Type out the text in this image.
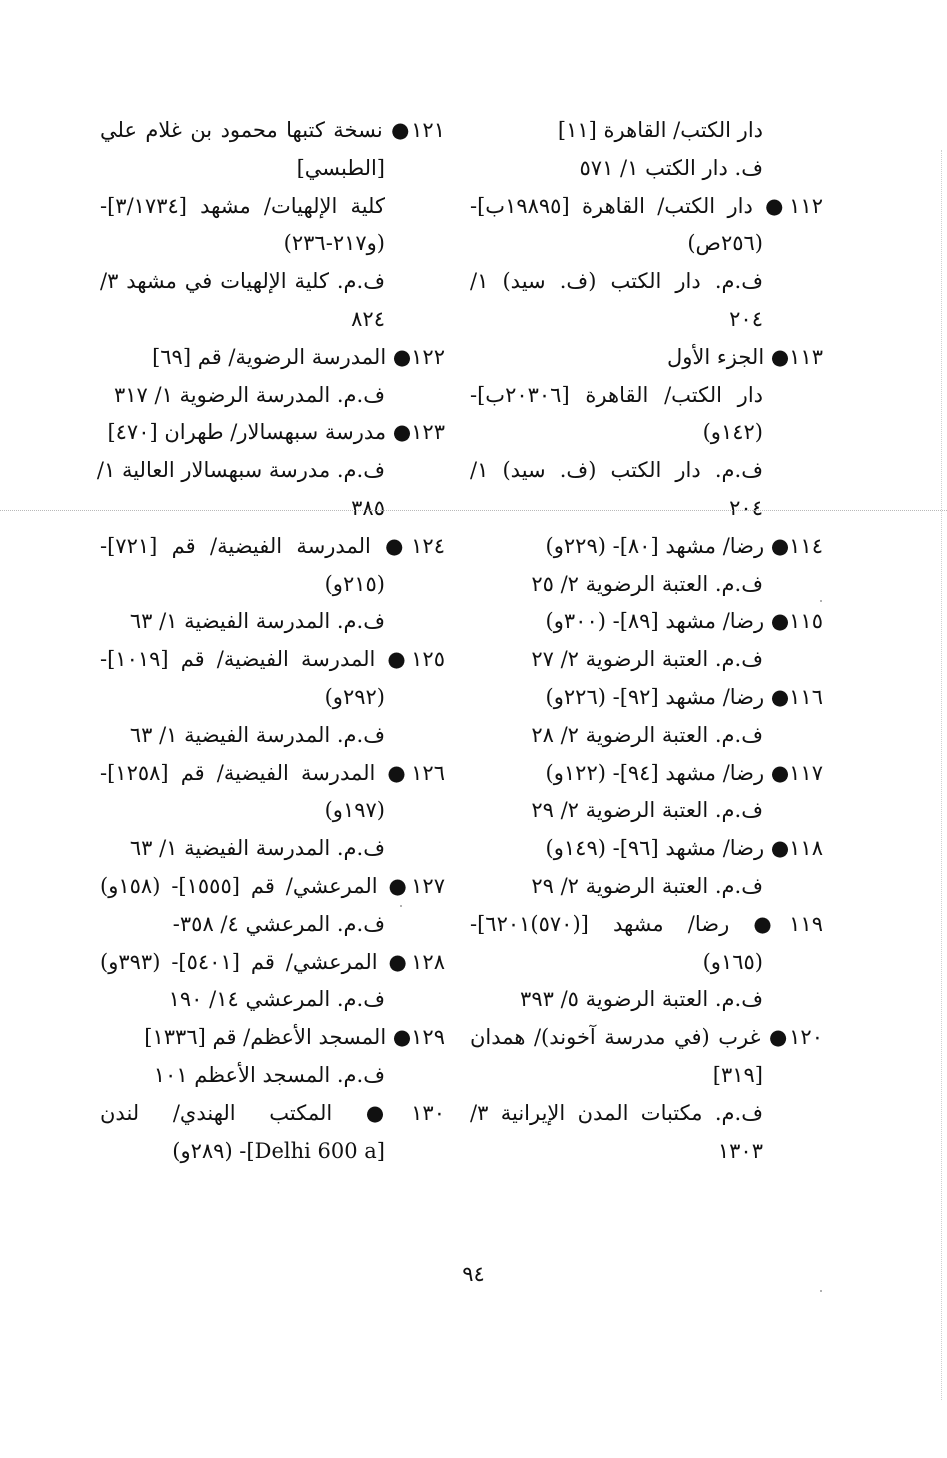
دار الكتب/ القاهرة [١١]
ف. دار الكتب ١/ ٥٧١
١١٢● دار الكتب/ القاهرة [١٩٨٩٥ب]-
(٢٥٦ص)
ف.م. دار الكتب (ف. سيد) ١/
٢٠٤
١١٣● الجزء الأول
دار الكتب/ القاهرة [٢٠٣٠٦ب]-
(١٤٢و)
ف.م. دار الكتب (ف. سيد) ١/
٢٠٤
١١٤● رضا/ مشهد [٨٠]- (٢٢٩و)
ف.م. العتبة الرضوية ٢/ ٢٥
١١٥● رضا/ مشهد [٨٩]- (٣٠٠و)
ف.م. العتبة الرضوية ٢/ ٢٧
١١٦● رضا/ مشهد [٩٢]- (٢٢٦و)
ف.م. العتبة الرضوية ٢/ ٢٨
١١٧● رضا/ مشهد [٩٤]- (١٢٢و)
ف.م. العتبة الرضوية ٢/ ٢٩
١١٨● رضا/ مشهد [٩٦]- (١٤٩و)
ف.م. العتبة الرضوية ٢/ ٢٩
١١٩● رضا/ مشهد [(٥٧٠)٦٢٠١]-
(١٦٥و)
ف.م. العتبة الرضوية ٥/ ٣٩٣
١٢٠● غرب (في مدرسة آخوند)/ همدان
[٣١٩]
ف.م. مكتبات المدن الإيرانية ٣/
١٣٠٣
١٢١● نسخة كتبها محمود بن غلام علي
[الطبسي]
كلية الإلهيات/ مشهد [٣/١٧٣٤]-
(و٢١٧-٢٣٦)
ف.م. كلية الإلهيات في مشهد ٣/
٨٢٤
١٢٢● المدرسة الرضوية/ قم [٦٩]
ف.م. المدرسة الرضوية ١/ ٣١٧
١٢٣● مدرسة سبهسالار/ طهران [٤٧٠]
ف.م. مدرسة سبهسالار العالية ١/
٣٨٥
١٢٤● المدرسة الفيضية/ قم [٧٢١]-
(٢١٥و)
ف.م. المدرسة الفيضية ١/ ٦٣
١٢٥● المدرسة الفيضية/ قم [١٠١٩]-
(٢٩٢و)
ف.م. المدرسة الفيضية ١/ ٦٣
١٢٦● المدرسة الفيضية/ قم [١٢٥٨]-
(١٩٧و)
ف.م. المدرسة الفيضية ١/ ٦٣
١٢٧● المرعشي/ قم [١٥٥٥]- (١٥٨و)
ف.م. المرعشي ٤/ ٣٥٨-
١٢٨● المرعشي/ قم [٥٤٠١]- (٣٩٣و)
ف.م. المرعشي ١٤/ ١٩٠
١٢٩● المسجد الأعظم/ قم [١٣٣٦]
ف.م. المسجد الأعظم ١٠١
١٣٠● المكتب الهندي/ لندن
[Delhi 600 a]- (٢٨٩و)
٩٤
